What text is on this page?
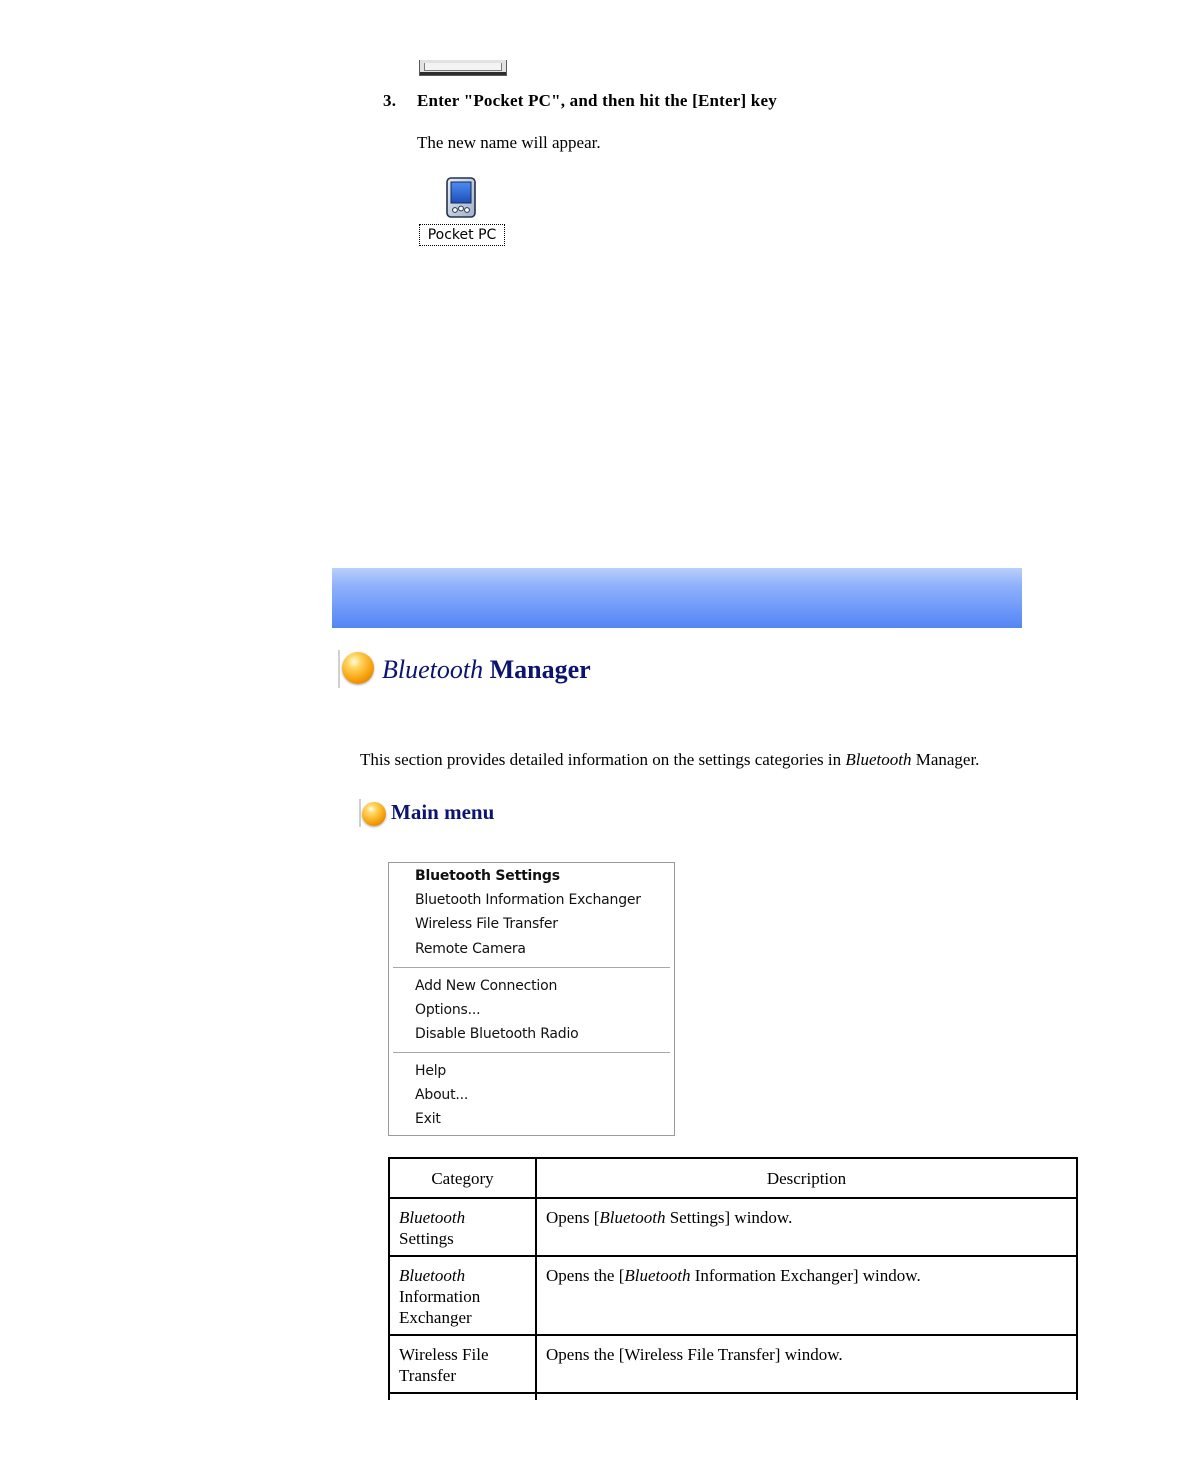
3. Enter "Pocket PC", and then hit the [Enter] key
The new name will appear.
Pocket PC
Bluetooth Manager
This section provides detailed information on the settings categories in Bluetooth Manager.
Main menu
Bluetooth Settings
Bluetooth Information Exchanger
Wireless File Transfer
Remote Camera
Add New Connection
Options...
Disable Bluetooth Radio
Help
About...
Exit
Category	Description
Bluetooth
Settings	Opens [Bluetooth Settings] window.
Bluetooth
Information Exchanger	Opens the [Bluetooth Information Exchanger] window.
Wireless File Transfer	Opens the [Wireless File Transfer] window.
